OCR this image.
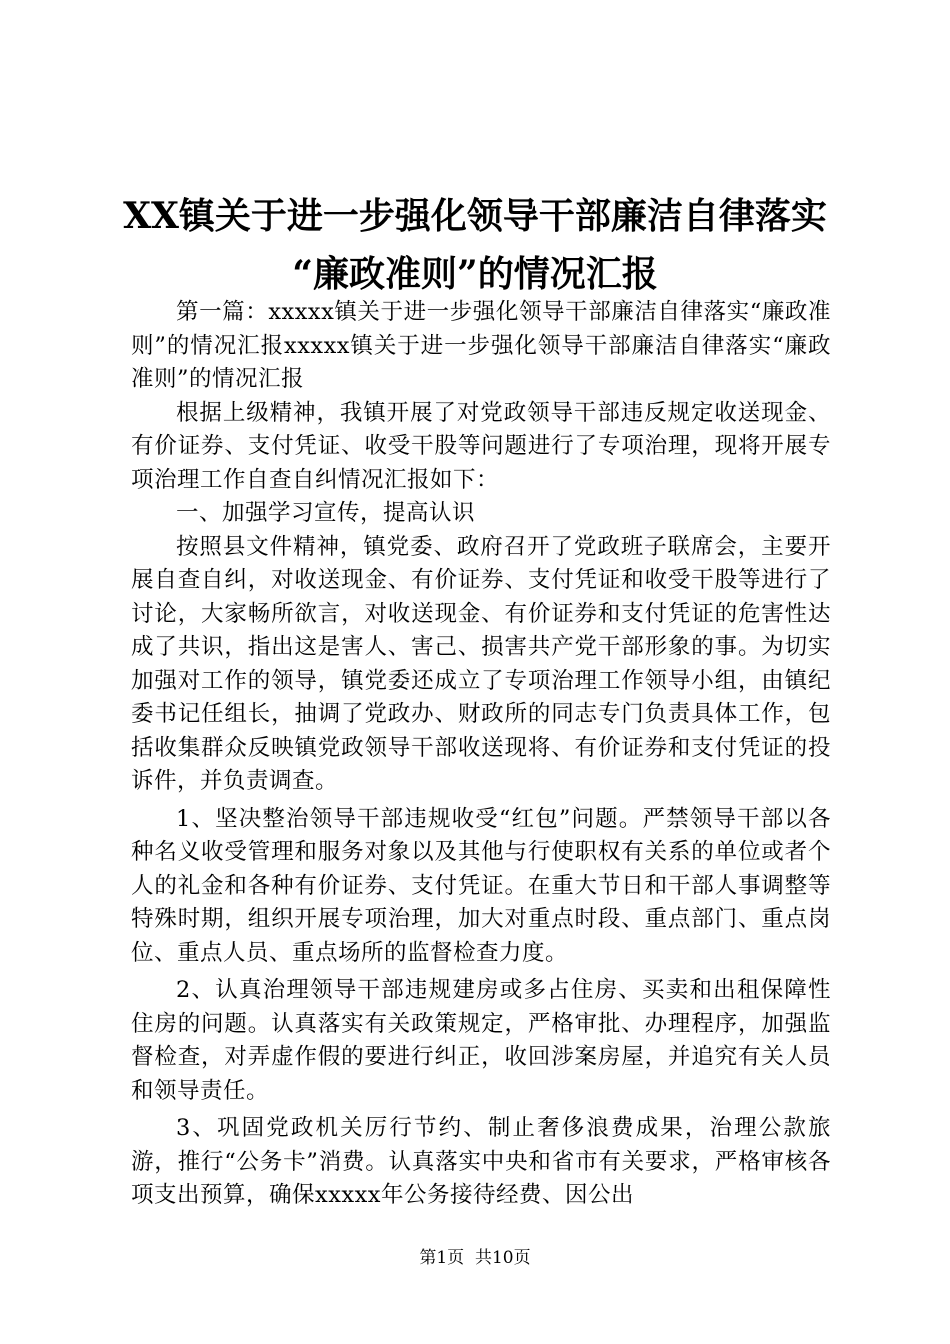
XX镇关于进一步强化领导干部廉洁自律落实
“廉政准则”的情况汇报

第一篇：xxxxx镇关于进一步强化领导干部廉洁自律落实“廉政准则”的情况汇报xxxxx镇关于进一步强化领导干部廉洁自律落实“廉政准则”的情况汇报

根据上级精神，我镇开展了对党政领导干部违反规定收送现金、有价证券、支付凭证、收受干股等问题进行了专项治理，现将开展专项治理工作自查自纠情况汇报如下：

一、加强学习宣传，提高认识

按照县文件精神，镇党委、政府召开了党政班子联席会，主要开展自查自纠，对收送现金、有价证券、支付凭证和收受干股等进行了讨论，大家畅所欲言，对收送现金、有价证券和支付凭证的危害性达成了共识，指出这是害人、害己、损害共产党干部形象的事。为切实加强对工作的领导，镇党委还成立了专项治理工作领导小组，由镇纪委书记任组长，抽调了党政办、财政所的同志专门负责具体工作，包括收集群众反映镇党政领导干部收送现将、有价证券和支付凭证的投诉件，并负责调查。

1、坚决整治领导干部违规收受“红包”问题。严禁领导干部以各种名义收受管理和服务对象以及其他与行使职权有关系的单位或者个人的礼金和各种有价证券、支付凭证。在重大节日和干部人事调整等特殊时期，组织开展专项治理，加大对重点时段、重点部门、重点岗位、重点人员、重点场所的监督检查力度。

2、认真治理领导干部违规建房或多占住房、买卖和出租保障性住房的问题。认真落实有关政策规定，严格审批、办理程序，加强监督检查，对弄虚作假的要进行纠正，收回涉案房屋，并追究有关人员和领导责任。

3、巩固党政机关厉行节约、制止奢侈浪费成果，治理公款旅游，推行“公务卡”消费。认真落实中央和省市有关要求，严格审核各项支出预算，确保xxxxx年公务接待经费、因公出

第1页  共10页
